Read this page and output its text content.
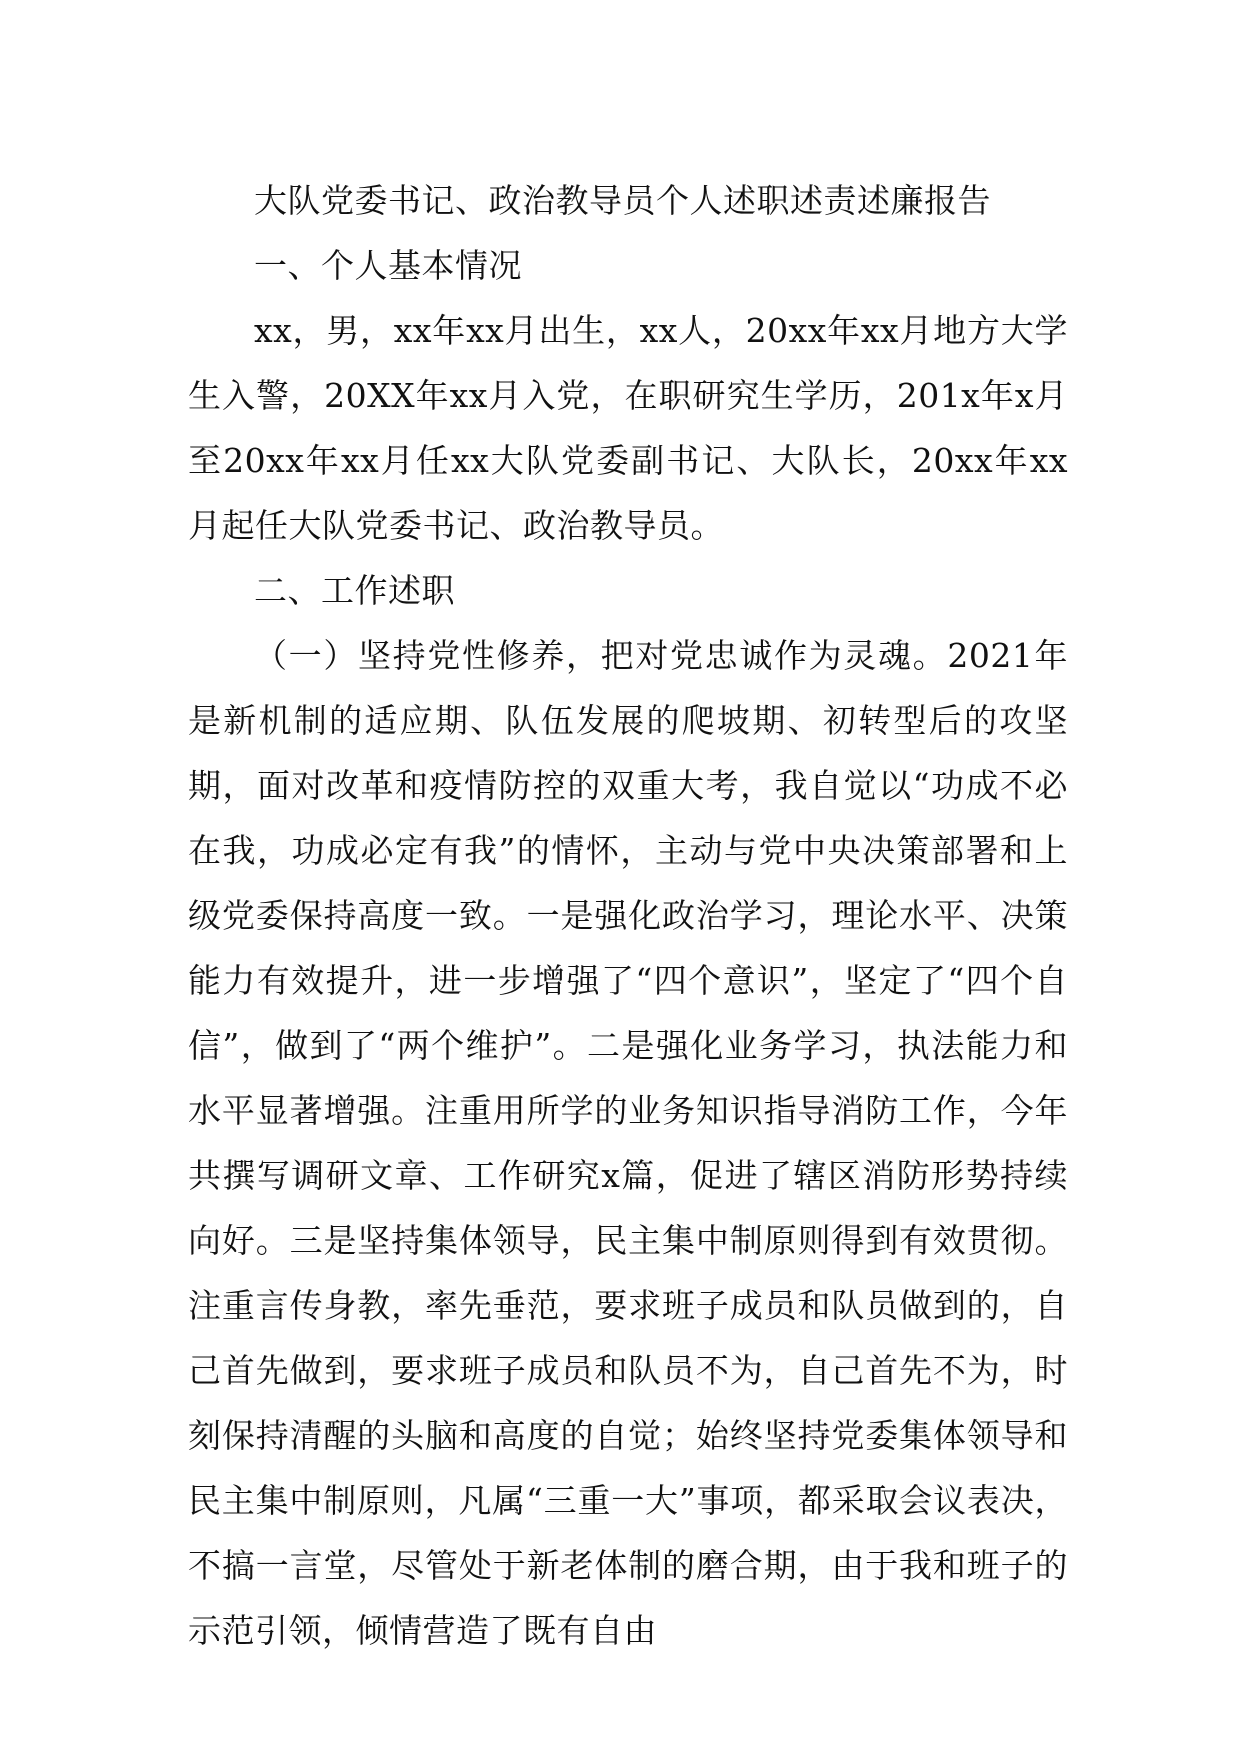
大队党委书记、政治教导员个人述职述责述廉报告

一、个人基本情况

xx，男，xx年xx月出生，xx人，20xx年xx月地方大学生入警，20XX年xx月入党，在职研究生学历，201x年x月至20xx年xx月任xx大队党委副书记、大队长，20xx年xx月起任大队党委书记、政治教导员。

二、工作述职

（一）坚持党性修养，把对党忠诚作为灵魂。2021年是新机制的适应期、队伍发展的爬坡期、初转型后的攻坚期，面对改革和疫情防控的双重大考，我自觉以“功成不必在我，功成必定有我”的情怀，主动与党中央决策部署和上级党委保持高度一致。一是强化政治学习，理论水平、决策能力有效提升，进一步增强了“四个意识”，坚定了“四个自信”，做到了“两个维护”。二是强化业务学习，执法能力和水平显著增强。注重用所学的业务知识指导消防工作，今年共撰写调研文章、工作研究x篇，促进了辖区消防形势持续向好。三是坚持集体领导，民主集中制原则得到有效贯彻。注重言传身教，率先垂范，要求班子成员和队员做到的，自己首先做到，要求班子成员和队员不为，自己首先不为，时刻保持清醒的头脑和高度的自觉；始终坚持党委集体领导和民主集中制原则，凡属“三重一大”事项，都采取会议表决，不搞一言堂，尽管处于新老体制的磨合期，由于我和班子的示范引领，倾情营造了既有自由
